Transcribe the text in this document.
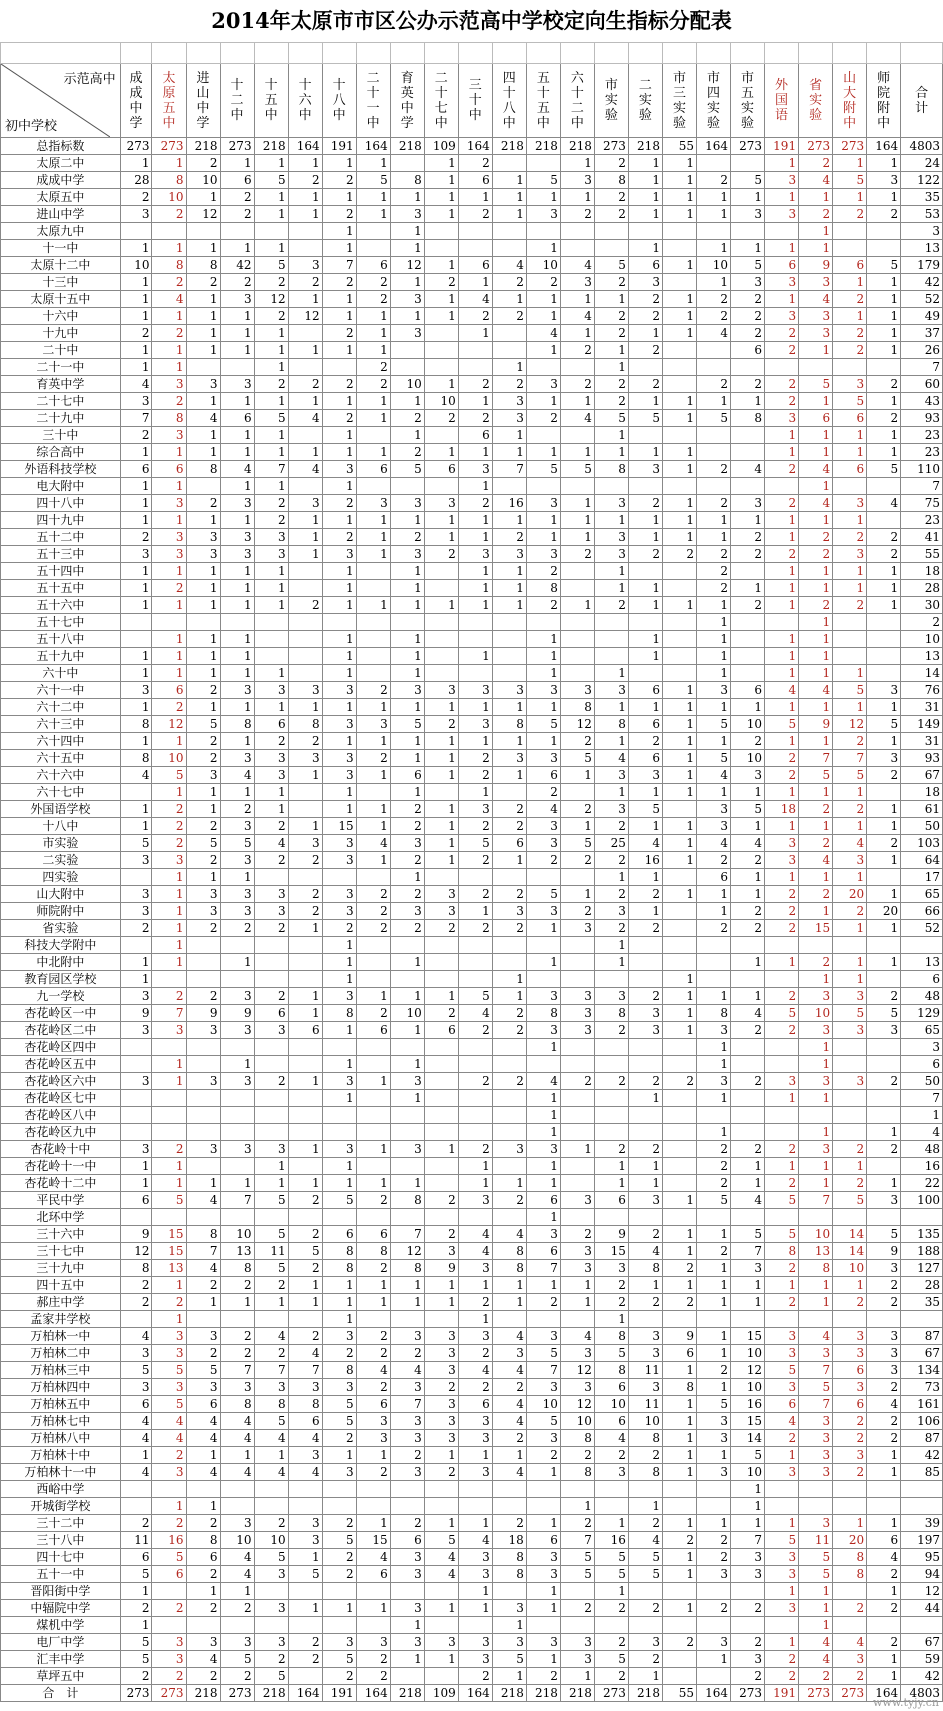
2014年太原市市区公办示范高中学校定向生指标分配表

示范高中
初中学校	成成中学	太原五中	进山中学	十二中	十五中	十六中	十八中	二十一中	育英中学	二十七中	三十中	四十八中	五十五中	六十二中	市实验	二实验	市三实验	市四实验	市五实验	外国语	省实验	山大附中	师院附中	合计

总指标数	273	273	218	273	218	164	191	164	218	109	164	218	218	218	273	218	55	164	273	191	273	273	164	4803
太原二中	1	1	2	1	1	1	1	1		1	2			1	2	1	1			1	2	1	1	24
成成中学	28	8	10	6	5	2	2	5	8	1	6	1	5	3	8	1	1	2	5	3	4	5	3	122
太原五中	2	10	1	2	1	1	1	1	1	1	1	1	1	1	2	1	1	1	1	1	1	1	1	35
进山中学	3	2	12	2	1	1	2	1	3	1	2	1	3	2	2	1	1	1	3	3	2	2	2	53
太原九中							1		1												1			3
十一中	1	1	1	1	1		1		1				1			1		1	1	1	1			13
太原十二中	10	8	8	42	5	3	7	6	12	1	6	4	10	4	5	6	1	10	5	6	9	6	5	179
十三中	1	2	2	2	2	2	2	2	1	2	1	2	2	3	2	3		1	3	3	3	1	1	42
太原十五中	1	4	1	3	12	1	1	2	3	1	4	1	1	1	1	2	1	2	2	1	4	2	1	52
十六中	1	1	1	1	2	12	1	1	1	1	2	2	1	4	2	2	1	2	2	3	3	1	1	49
十九中	2	2	1	1	1		2	1	3		1		4	1	2	1	1	4	2	2	3	2	1	37
二十中	1	1	1	1	1	1	1	1					1	2	1	2			6	2	1	2	1	26
二十一中	1	1			1			2				1			1									7
育英中学	4	3	3	3	2	2	2	2	10	1	2	2	3	2	2	2		2	2	2	5	3	2	60
二十七中	3	2	1	1	1	1	1	1	1	10	1	3	1	1	2	1	1	1	1	2	1	5	1	43
二十九中	7	8	4	6	5	4	2	1	2	2	2	3	2	4	5	5	1	5	8	3	6	6	2	93
三十中	2	3	1	1	1		1		1		6	1			1					1	1	1	1	23
综合高中	1	1	1	1	1	1	1	1	2	1	1	1	1	1	1	1	1			1	1	1	1	23
外语科技学校	6	6	8	4	7	4	3	6	5	6	3	7	5	5	8	3	1	2	4	2	4	6	5	110
电大附中	1	1		1	1		1				1										1			7
四十八中	1	3	2	3	2	3	2	3	3	3	2	16	3	1	3	2	1	2	3	2	4	3	4	75
四十九中	1	1	1	1	2	1	1	1	1	1	1	1	1	1	1	1	1	1	1	1	1	1		23
五十二中	2	3	3	3	3	1	2	1	2	1	1	2	1	1	3	1	1	1	2	1	2	2	2	41
五十三中	3	3	3	3	3	1	3	1	3	2	3	3	3	2	3	2	2	2	2	2	2	3	2	55
五十四中	1	1	1	1	1		1		1		1	1	2		1			2		1	1	1	1	18
五十五中	1	2	1	1	1		1		1		1	1	8		1	1		2	1	1	1	1	1	28
五十六中	1	1	1	1	1	2	1	1	1	1	1	1	2	1	2	1	1	1	2	1	2	2	1	30
五十七中																		1			1			2
五十八中		1	1	1			1		1				1			1		1		1	1			10
五十九中	1	1	1	1			1		1		1		1			1		1		1	1			13
六十中	1	1	1	1	1		1		1				1		1			1		1	1	1		14
六十一中	3	6	2	3	3	3	3	2	3	3	3	3	3	3	3	6	1	3	6	4	4	5	3	76
六十二中	1	2	1	1	1	1	1	1	1	1	1	1	1	8	1	1	1	1	1	1	1	1	1	31
六十三中	8	12	5	8	6	8	3	3	5	2	3	8	5	12	8	6	1	5	10	5	9	12	5	149
六十四中	1	1	2	1	2	2	1	1	1	1	1	1	1	2	1	2	1	1	2	1	1	2	1	31
六十五中	8	10	2	3	3	3	3	2	1	1	2	3	3	5	4	6	1	5	10	2	7	7	3	93
六十六中	4	5	3	4	3	1	3	1	6	1	2	1	6	1	3	3	1	4	3	2	5	5	2	67
六十七中		1	1	1	1		1		1		1		2		1	1	1	1	1	1	1	1		18
外国语学校	1	2	1	2	1		1	1	2	1	3	2	4	2	3	5		3	5	18	2	2	1	61
十八中	1	2	2	3	2	1	15	1	2	1	2	2	3	1	2	1	1	3	1	1	1	1	1	50
市实验	5	2	5	5	4	3	3	4	3	1	5	6	3	5	25	4	1	4	4	3	2	4	2	103
二实验	3	3	2	3	2	2	3	1	2	1	2	1	2	2	2	16	1	2	2	3	4	3	1	64
四实验		1	1	1					1						1	1		6	1	1	1	1		17
山大附中	3	1	3	3	3	2	3	2	2	3	2	2	5	1	2	2	1	1	1	2	2	20	1	65
师院附中	3	1	3	3	3	2	3	2	3	3	1	3	3	2	3	1		1	2	2	1	2	20	66
省实验	2	1	2	2	2	1	2	2	2	2	2	2	1	3	2	2		2	2	2	15	1	1	52
科技大学附中		1					1								1									
中北附中	1	1		1			1		1				1		1				1	1	2	1	1	13
教育园区学校	1						1					1					1				1	1		6
九一学校	3	2	2	3	2	1	3	1	1	1	5	1	3	3	3	2	1	1	1	2	3	3	2	48
杏花岭区一中	9	7	9	9	6	1	8	2	10	2	4	2	8	3	8	3	1	8	4	5	10	5	5	129
杏花岭区二中	3	3	3	3	3	6	1	6	1	6	2	2	3	3	2	3	1	3	2	2	3	3	3	65
杏花岭区四中													1					1			1			3
杏花岭区五中		1		1			1		1									1			1			6
杏花岭区六中	3	1	3	3	2	1	3	1	3		2	2	4	2	2	2	2	3	2	3	3	3	2	50
杏花岭区七中							1		1				1			1		1		1	1			7
杏花岭区八中													1											1
杏花岭区九中													1					1			1		1	4
杏花岭十中	3	2	3	3	3	1	3	1	3	1	2	3	3	1	2	2		2	2	2	3	2	2	48
杏花岭十一中	1	1			1		1				1		1		1	1		2	1	1	1	1		16
杏花岭十二中	1	1	1	1	1	1	1	1	1		1	1	1		1	1		2	1	2	1	2	1	22
平民中学	6	5	4	7	5	2	5	2	8	2	3	2	6	3	6	3	1	5	4	5	7	5	3	100
北环中学													1											
三十六中	9	15	8	10	5	2	6	6	7	2	4	4	3	2	9	2	1	1	5	5	10	14	5	135
三十七中	12	15	7	13	11	5	8	8	12	3	4	8	6	3	15	4	1	2	7	8	13	14	9	188
三十九中	8	13	4	8	5	2	8	2	8	9	3	8	7	3	3	8	2	1	3	2	8	10	3	127
四十五中	2	1	2	2	2	1	1	1	1	1	1	1	1	1	2	1	1	1	1	1	1	1	2	28
郝庄中学	2	2	1	1	1	1	1	1	1	1	2	1	2	1	2	2	2	1	1	2	1	2	2	35
孟家井学校		1					1				1				1									
万柏林一中	4	3	3	2	4	2	3	2	3	3	3	4	3	4	8	3	9	1	15	3	4	3	3	87
万柏林二中	3	3	2	2	2	4	2	2	2	3	2	3	5	3	5	3	6	1	10	3	3	3	3	67
万柏林三中	5	5	5	7	7	7	8	4	4	3	4	4	7	12	8	11	1	2	12	5	7	6	3	134
万柏林四中	3	3	3	3	3	3	3	2	3	2	2	2	3	3	6	3	8	1	10	3	5	3	2	73
万柏林五中	6	5	6	8	8	8	5	6	7	3	6	4	10	12	10	11	1	5	16	6	7	6	4	161
万柏林七中	4	4	4	4	5	6	5	3	3	3	3	4	5	10	6	10	1	3	15	4	3	2	2	106
万柏林八中	4	4	4	4	4	4	2	3	3	3	3	2	3	8	4	8	1	3	14	2	3	2	2	87
万柏林十中	1	2	1	1	1	3	1	1	2	1	1	1	2	2	2	2	1	1	5	1	3	3	1	42
万柏林十一中	4	3	4	4	4	4	3	2	3	2	3	4	1	8	3	8	1	3	10	3	3	2	1	85
西峪中学																			1					
开城街学校		1	1											1		1			1					
三十二中	2	2	2	3	2	3	2	1	2	1	1	2	1	2	1	2	1	1	1	1	3	1	1	39
三十八中	11	16	8	10	10	3	5	15	6	5	4	18	6	7	16	4	2	2	7	5	11	20	6	197
四十七中	6	5	6	4	5	1	2	4	3	4	3	8	3	5	5	5	1	2	3	3	5	8	4	95
五十一中	5	6	2	4	3	5	2	6	3	4	3	8	3	5	5	5	1	3	3	3	5	8	2	94
晋阳街中学	1		1	1							1		1		1					1	1		1	12
中辐院中学	2	2	2	2	3	1	1	1	3	1	1	3	1	2	2	2	1	2	2	3	1	2	2	44
煤机中学	1								1			1									1			
电厂中学	5	3	3	3	3	2	3	3	3	3	3	3	3	3	2	3	2	3	2	1	4	4	2	67
汇丰中学	5	3	4	5	2	2	5	2	1	1	3	5	1	3	5	2		1	3	2	4	3	1	59
草坪五中	2	2	2	2	5		2	2			2	1	2	1	2	1			2	2	2	2	1	42
合　计	273	273	218	273	218	164	191	164	218	109	164	218	218	218	273	218	55	164	273	191	273	273	164	4803
www.tyjy.cn
